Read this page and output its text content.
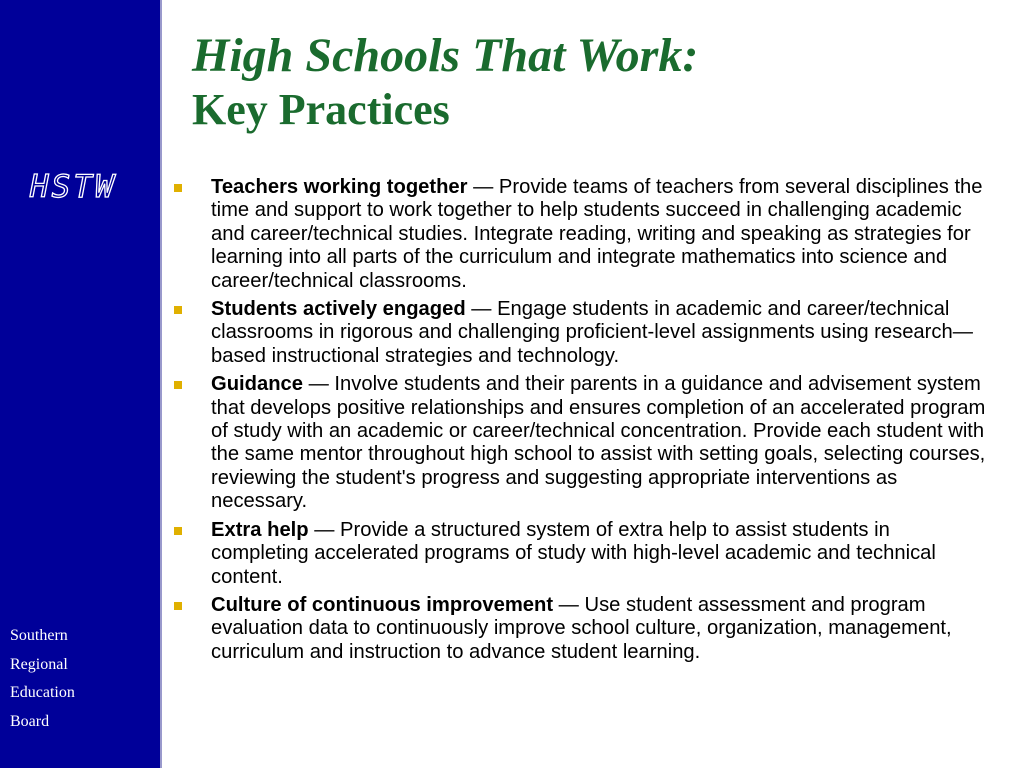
HSTW
Southern
Regional
Education
Board
High Schools That Work:
Key Practices
Teachers working together — Provide teams of teachers from several disciplines the time and support to work together to help students succeed in challenging academic and career/technical studies. Integrate reading, writing and speaking as strategies for learning into all parts of the curriculum and integrate mathematics into science and career/technical classrooms.
Students actively engaged — Engage students in academic and career/technical classrooms in rigorous and challenging proficient-level assignments using research—based instructional strategies and technology.
Guidance — Involve students and their parents in a guidance and advisement system that develops positive relationships and ensures completion of an accelerated program of study with an academic or career/technical concentration. Provide each student with the same mentor throughout high school to assist with setting goals, selecting courses, reviewing the student's progress and suggesting appropriate interventions as necessary.
Extra help — Provide a structured system of extra help to assist students in completing accelerated programs of study with high-level academic and technical content.
Culture of continuous improvement — Use student assessment and program evaluation data to continuously improve school culture, organization, management, curriculum and instruction to advance student learning.
